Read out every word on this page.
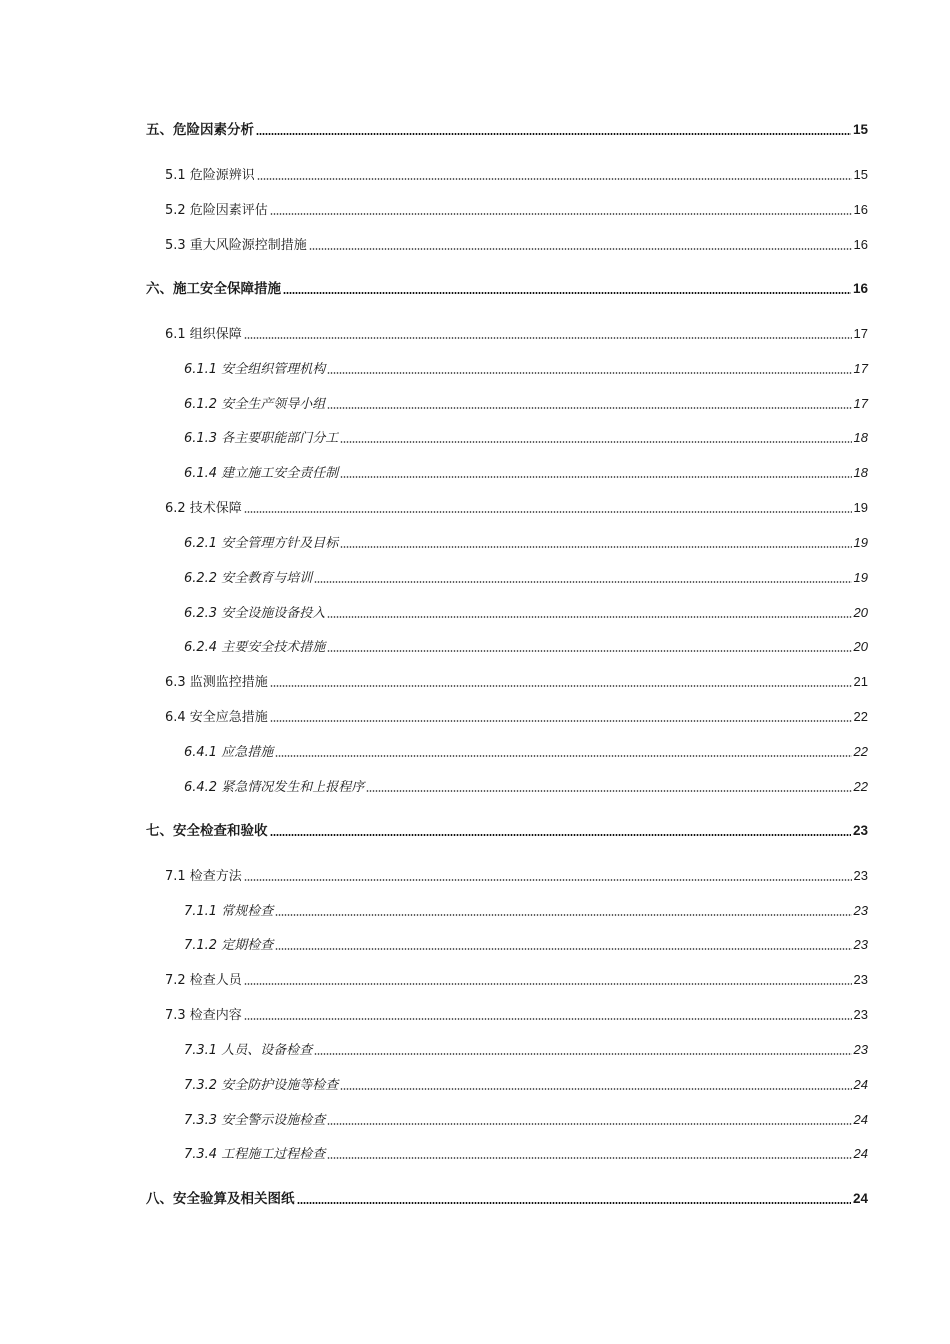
五、危险因素分析	15
5.1 危险源辨识	15
5.2 危险因素评估	16
5.3 重大风险源控制措施	16
六、施工安全保障措施	16
6.1 组织保障	17
6.1.1 安全组织管理机构	17
6.1.2 安全生产领导小组	17
6.1.3 各主要职能部门分工	18
6.1.4 建立施工安全责任制	18
6.2 技术保障	19
6.2.1 安全管理方针及目标	19
6.2.2 安全教育与培训	19
6.2.3 安全设施设备投入	20
6.2.4 主要安全技术措施	20
6.3 监测监控措施	21
6.4 安全应急措施	22
6.4.1 应急措施	22
6.4.2 紧急情况发生和上报程序	22
七、安全检查和验收	23
7.1 检查方法	23
7.1.1 常规检查	23
7.1.2 定期检查	23
7.2 检查人员	23
7.3 检查内容	23
7.3.1 人员、设备检查	23
7.3.2 安全防护设施等检查	24
7.3.3 安全警示设施检查	24
7.3.4 工程施工过程检查	24
八、安全验算及相关图纸	24
